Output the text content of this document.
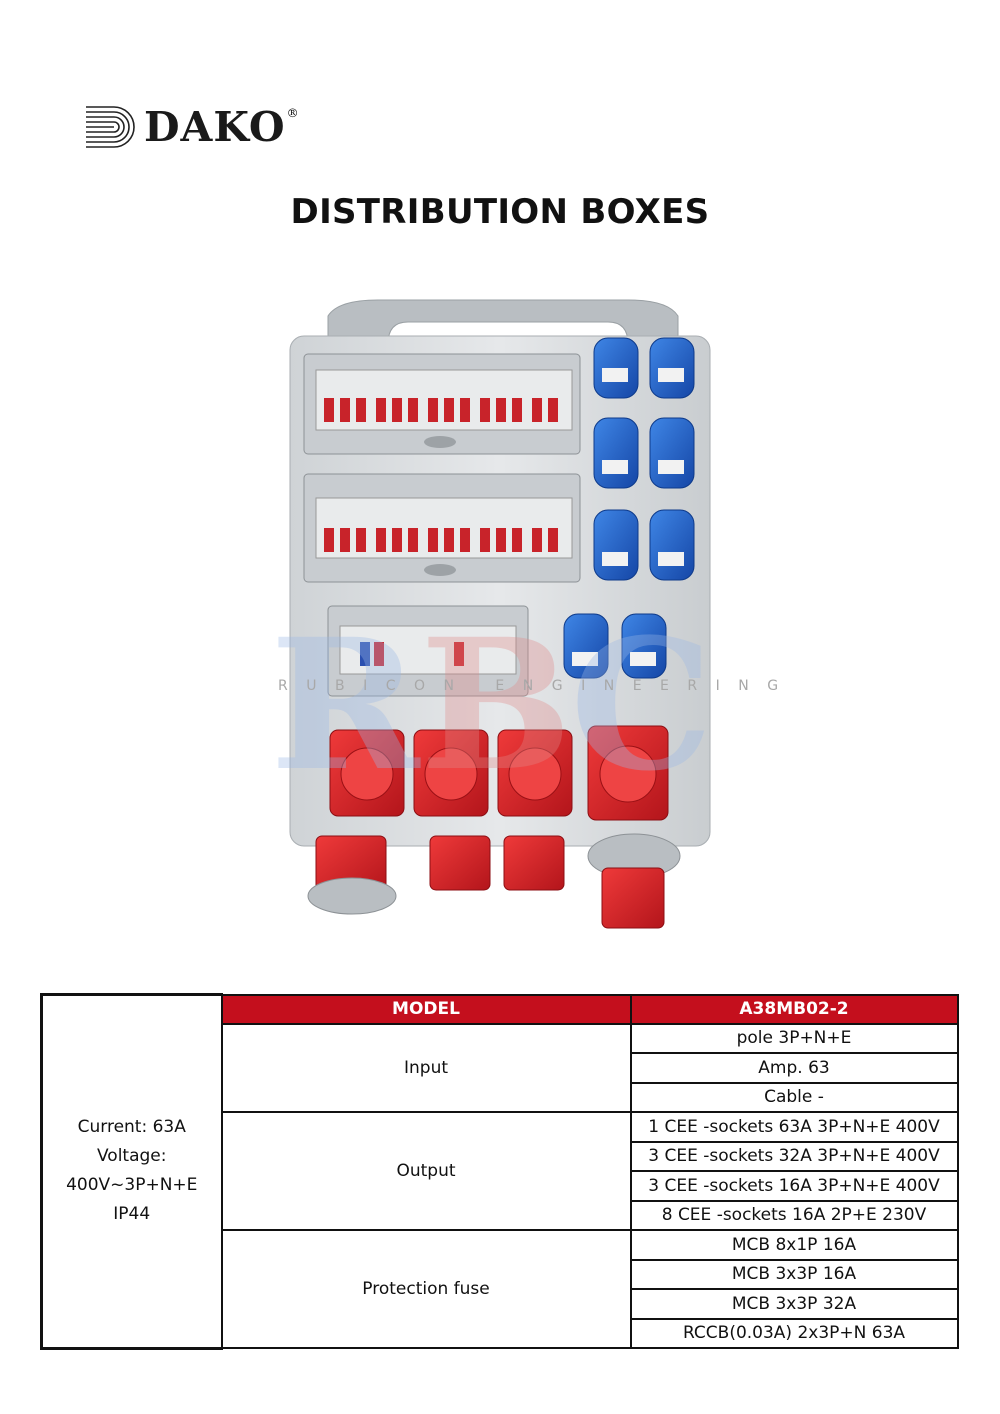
DAKO ®
DISTRIBUTION BOXES
R B
C
RUBICON ENGINEERING
Current: 63A
Voltage:
400V~3P+N+E
IP44	MODEL	A38MB02-2
	Input	pole 3P+N+E
		Amp. 63
		Cable -
	Output	1 CEE -sockets 63A 3P+N+E 400V
		3 CEE -sockets 32A 3P+N+E 400V
		3 CEE -sockets 16A 3P+N+E 400V
		8 CEE -sockets 16A 2P+E 230V
	Protection fuse	MCB 8x1P 16A
		MCB 3x3P 16A
		MCB 3x3P 32A
		RCCB(0.03A) 2x3P+N 63A
